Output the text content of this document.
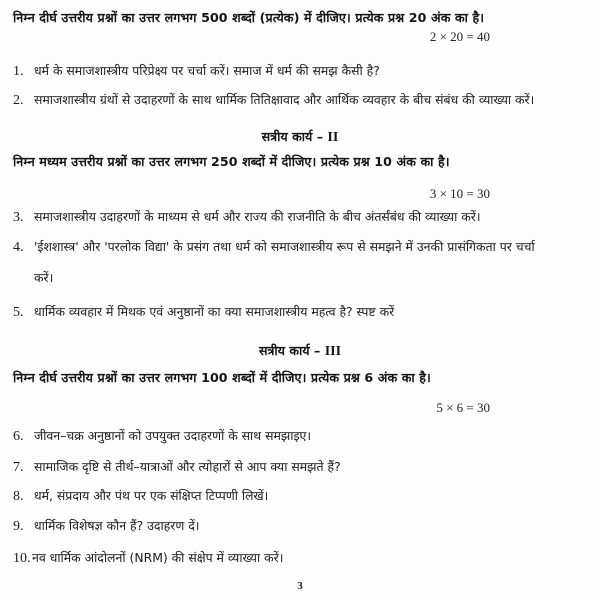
निम्न दीर्घ उत्तरीय प्रश्नों का उत्तर लगभग 500 शब्दों (प्रत्येक) में दीजिए। प्रत्येक प्रश्न 20 अंक का है।
2 × 20 = 40
1. धर्म के समाजशास्त्रीय परिप्रेक्ष्य पर चर्चा करें। समाज में धर्म की समझ कैसी है?
2. समाजशास्त्रीय ग्रंथों से उदाहरणों के साथ धार्मिक तितिक्षावाद और आर्थिक व्यवहार के बीच संबंध की व्याख्या करें।
सत्रीय कार्य – II
निम्न मध्यम उत्तरीय प्रश्नों का उत्तर लगभग 250 शब्दों में दीजिए। प्रत्येक प्रश्न 10 अंक का है।
3 × 10 = 30
3. समाजशास्त्रीय उदाहरणों के माध्यम से धर्म और राज्य की राजनीति के बीच अंतर्संबंध की व्याख्या करें।
4. 'ईशशास्त्र' और 'परलोक विद्या' के प्रसंग तथा धर्म को समाजशास्त्रीय रूप से समझने में उनकी प्रासंगिकता पर चर्चा
करें।
5. धार्मिक व्यवहार में मिथक एवं अनुष्ठानों का क्या समाजशास्त्रीय महत्व है? स्पष्ट करें
सत्रीय कार्य – III
निम्न दीर्घ उत्तरीय प्रश्नों का उत्तर लगभग 100 शब्दों में दीजिए। प्रत्येक प्रश्न 6 अंक का है।
5 × 6 = 30
6. जीवन–चक्र अनुष्ठानों को उपयुक्त उदाहरणों के साथ समझाइए।
7. सामाजिक दृष्टि से तीर्थ–यात्राओं और त्योहारों से आप क्या समझते हैं?
8. धर्म, संप्रदाय और पंथ पर एक संक्षिप्त टिप्पणी लिखें।
9. धार्मिक विशेषज्ञ कौन हैं? उदाहरण दें।
10. नव धार्मिक आंदोलनों (NRM) की संक्षेप में व्याख्या करें।
3
